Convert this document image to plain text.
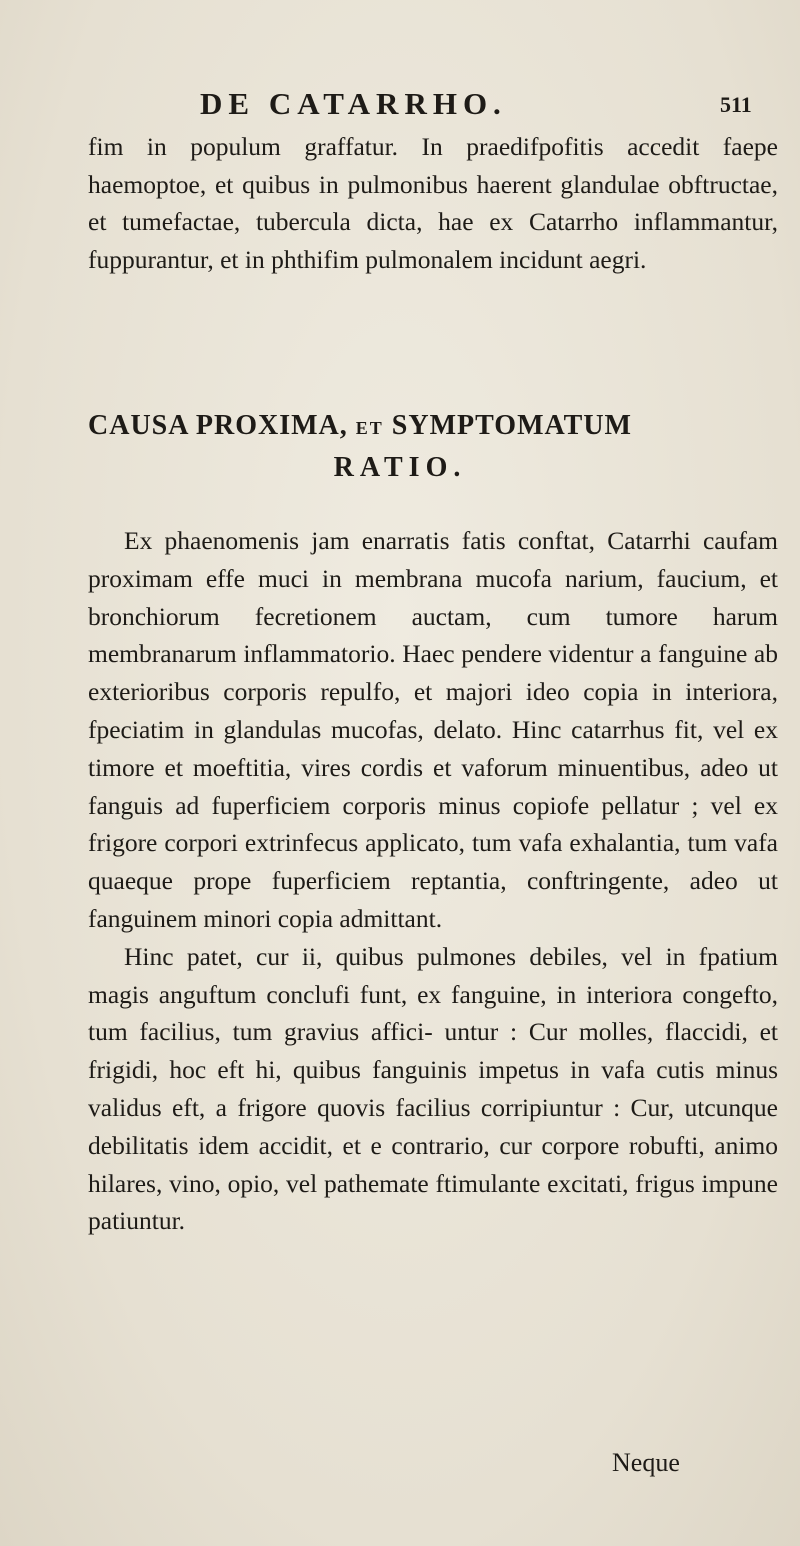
DE CATARRHO.	511

fim in populum graffatur. In praedifpofitis accedit faepe haemoptoe, et quibus in pulmonibus haerent glandulae obftructae, et tumefactae, tubercula dicta, hae ex Catarrho inflammantur, fuppurantur, et in phthifim pulmonalem incidunt aegri.

CAUSA PROXIMA, ET SYMPTOMATUM
RATIO.

Ex phaenomenis jam enarratis fatis conftat, Catarrhi caufam proximam effe muci in membrana mucofa narium, faucium, et bronchiorum fecretionem auctam, cum tumore harum membranarum inflammatorio. Haec pendere videntur a fanguine ab exterioribus corporis repulfo, et majori ideo copia in interiora, fpeciatim in glandulas mucofas, delato. Hinc catarrhus fit, vel ex timore et moeftitia, vires cordis et vaforum minuentibus, adeo ut fanguis ad fuperficiem corporis minus copiofe pellatur ; vel ex frigore corpori extrinfecus applicato, tum vafa exhalantia, tum vafa quaeque prope fuperficiem reptantia, conftringente, adeo ut fanguinem minori copia admittant.

Hinc patet, cur ii, quibus pulmones debiles, vel in fpatium magis anguftum conclufi funt, ex fanguine, in interiora congefto, tum facilius, tum gravius affici- untur : Cur molles, flaccidi, et frigidi, hoc eft hi, quibus fanguinis impetus in vafa cutis minus validus eft, a frigore quovis facilius corripiuntur : Cur, utcunque debilitatis idem accidit, et e contrario, cur corpore robufti, animo hilares, vino, opio, vel pathemate ftimulante excitati, frigus impune patiuntur.

Neque
